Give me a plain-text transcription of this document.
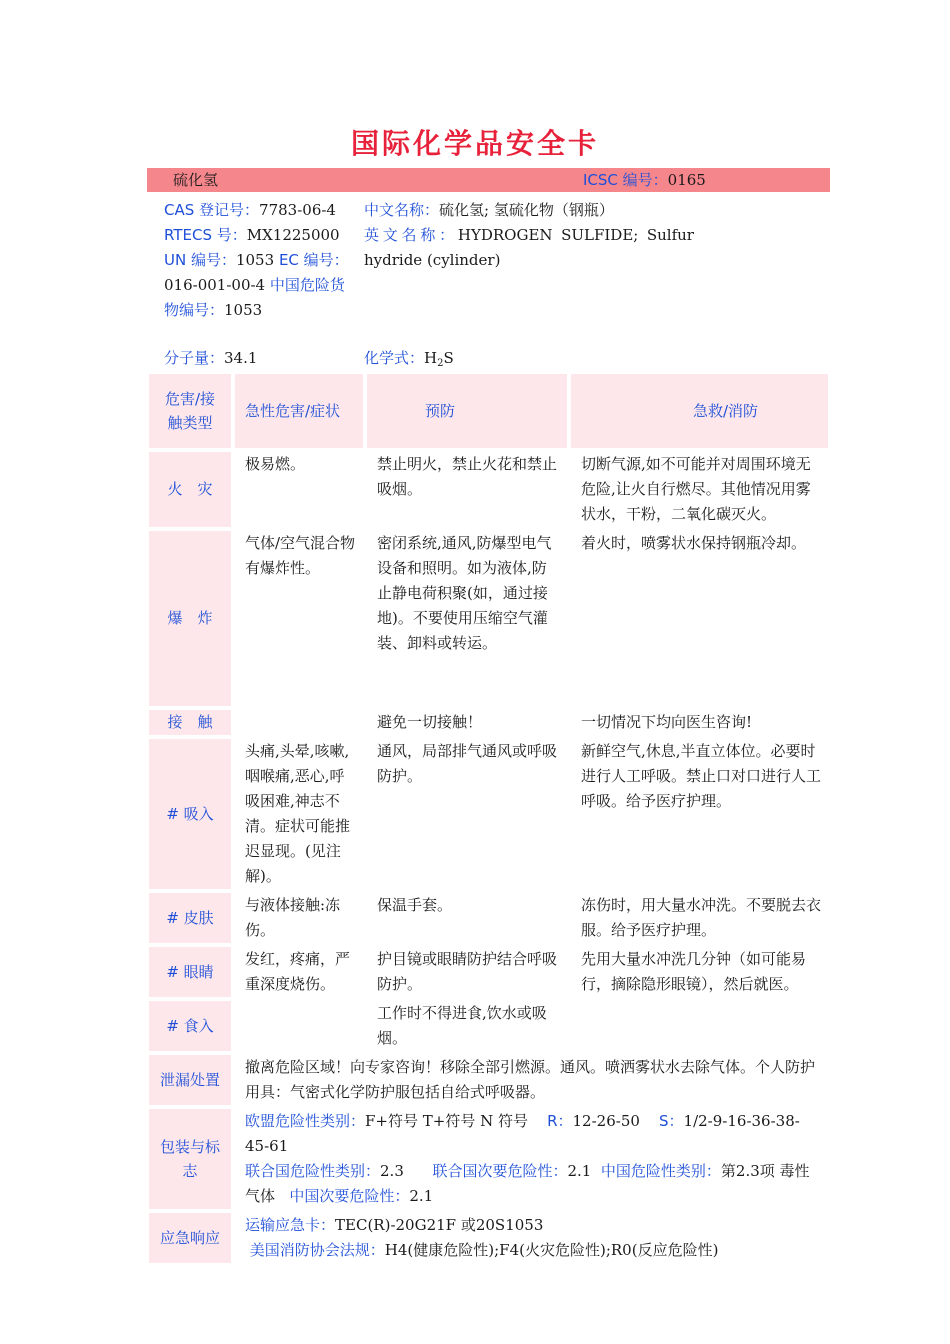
国际化学品安全卡
硫化氢	ICSC 编号：0165
CAS 登记号：7783-06-4
RTECS 号：MX1225000 UN 编号：1053 EC 编号：016-001-00-4 中国危险货物编号：1053
中文名称：硫化氢; 氢硫化物（钢瓶）
英文名称：HYDROGEN SULFIDE; Sulfur hydride (cylinder)
分子量：34.1	化学式：$H_2S$
危害/接触类型	急性危害/症状	预防	急救/消防
火　灾	极易燃。	禁止明火，禁止火花和禁止吸烟。	切断气源,如不可能并对周围环境无危险,让火自行燃尽。其他情况用雾状水，干粉，二氧化碳灭火。
爆　炸	气体/空气混合物有爆炸性。	密闭系统,通风,防爆型电气设备和照明。如为液体,防止静电荷积聚(如，通过接地)。不要使用压缩空气灌装、卸料或转运。	着火时，喷雾状水保持钢瓶冷却。
接　触		避免一切接触！	一切情况下均向医生咨询!
# 吸入	头痛,头晕,咳嗽,咽喉痛,恶心,呼吸困难,神志不清。症状可能推迟显现。(见注解)。	通风，局部排气通风或呼吸防护。	新鲜空气,休息,半直立体位。必要时进行人工呼吸。禁止口对口进行人工呼吸。给予医疗护理。
# 皮肤	与液体接触:冻伤。	保温手套。	冻伤时，用大量水冲洗。不要脱去衣服。给予医疗护理。
# 眼睛	发红，疼痛，严重深度烧伤。	护目镜或眼睛防护结合呼吸防护。	先用大量水冲洗几分钟（如可能易行，摘除隐形眼镜），然后就医。
# 食入		工作时不得进食,饮水或吸烟。	
泄漏处置	撤离危险区域！向专家咨询！移除全部引燃源。通风。喷洒雾状水去除气体。个人防护用具：气密式化学防护服包括自给式呼吸器。		
包装与标志	欧盟危险性类别：F+符号 T+符号 N 符号 R：12-26-50 S：1/2-9-16-36-38-45-61
联合国危险性类别：2.3 联合国次要危险性：2.1 中国危险性类别：第2.3项 毒性气体 中国次要危险性：2.1		
应急响应	运输应急卡：TEC(R)-20G21F 或20S1053
美国消防协会法规：H4(健康危险性);F4(火灾危险性);R0(反应危险性)		
